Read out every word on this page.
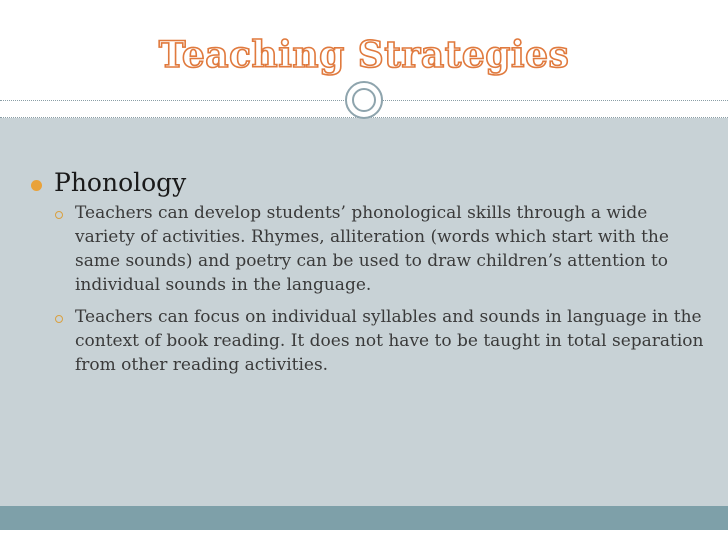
Teaching Strategies
Phonology
Teachers can develop students’ phonological skills through a wide variety of activities. Rhymes, alliteration (words which start with the same sounds) and poetry can be used to draw children’s attention to individual sounds in the language.
Teachers can focus on individual syllables and sounds in language in the context of book reading. It does not have to be taught in total separation from other reading activities.
